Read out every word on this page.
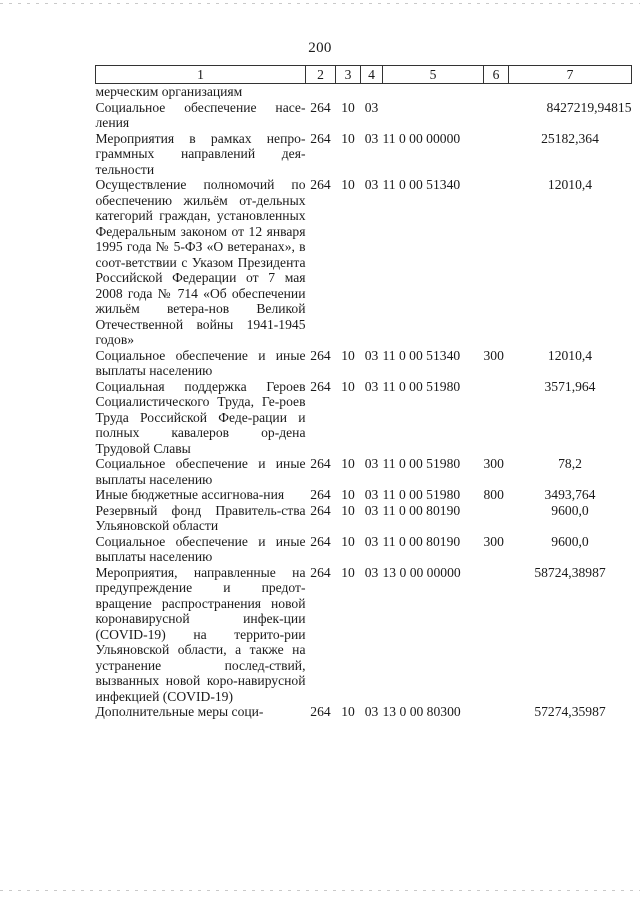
200
1	2	3	4	5	6	7
мерческим организациям						
Социальное обеспечение насе-ления	264	10	03			8427219,94815
Мероприятия в рамках непро-граммных направлений дея-тельности	264	10	03	11 0 00 00000		25182,364
Осуществление полномочий по обеспечению жильём от-дельных категорий граждан, установленных Федеральным законом от 12 января 1995 года № 5-ФЗ «О ветеранах», в соот-ветствии с Указом Президента Российской Федерации от 7 мая 2008 года № 714 «Об обеспечении жильём ветера-нов Великой Отечественной войны 1941-1945 годов»	264	10	03	11 0 00 51340		12010,4
Социальное обеспечение и иные выплаты населению	264	10	03	11 0 00 51340	300	12010,4
Социальная поддержка Героев Социалистического Труда, Ге-роев Труда Российской Феде-рации и полных кавалеров ор-дена Трудовой Славы	264	10	03	11 0 00 51980		3571,964
Социальное обеспечение и иные выплаты населению	264	10	03	11 0 00 51980	300	78,2
Иные бюджетные ассигнова-ния	264	10	03	11 0 00 51980	800	3493,764
Резервный фонд Правитель-ства Ульяновской области	264	10	03	11 0 00 80190		9600,0
Социальное обеспечение и иные выплаты населению	264	10	03	11 0 00 80190	300	9600,0
Мероприятия, направленные на предупреждение и предот-вращение распространения новой коронавирусной инфек-ции (COVID-19) на террито-рии Ульяновской области, а также на устранение послед-ствий, вызванных новой коро-навирусной инфекцией (COVID-19)	264	10	03	13 0 00 00000		58724,38987
Дополнительные меры соци-	264	10	03	13 0 00 80300		57274,35987
